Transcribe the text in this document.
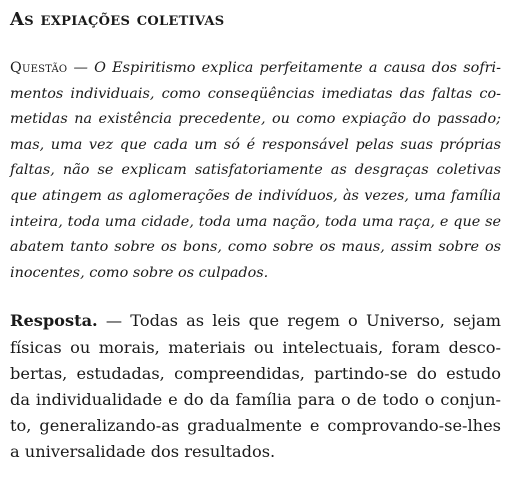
As expiações coletivas
Questão — O Espiritismo explica perfeitamente a causa dos sofri-
mentos individuais, como conseqüências imediatas das faltas co-
metidas na existência precedente, ou como expiação do passado;
mas, uma vez que cada um só é responsável pelas suas próprias
faltas, não se explicam satisfatoriamente as desgraças coletivas
que atingem as aglomerações de indivíduos, às vezes, uma família
inteira, toda uma cidade, toda uma nação, toda uma raça, e que se
abatem tanto sobre os bons, como sobre os maus, assim sobre os
inocentes, como sobre os culpados.
Resposta. — Todas as leis que regem o Universo, sejam
físicas ou morais, materiais ou intelectuais, foram desco-
bertas, estudadas, compreendidas, partindo-se do estudo
da individualidade e do da família para o de todo o conjun-
to, generalizando-as gradualmente e comprovando-se-lhes
a universalidade dos resultados.
